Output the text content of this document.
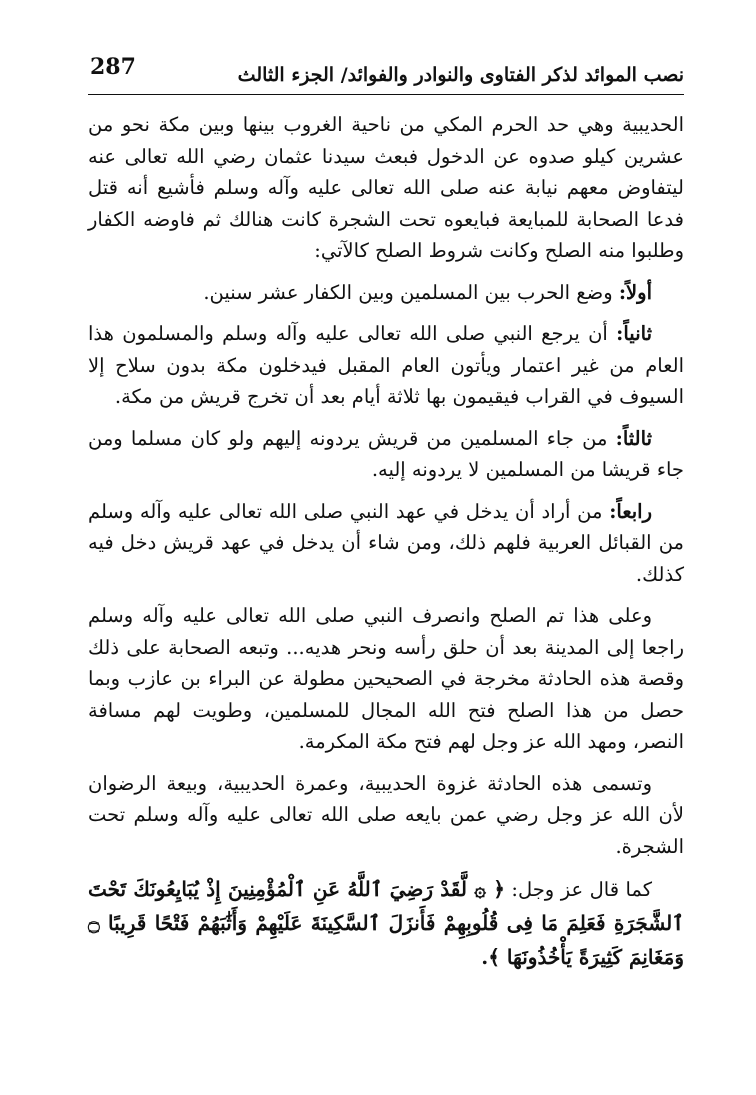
نصب الموائد لذكر الفتاوى والنوادر والفوائد/ الجزء الثالث
287

الحديبية وهي حد الحرم المكي من ناحية الغروب بينها وبين مكة نحو من عشرين كيلو صدوه عن الدخول فبعث سيدنا عثمان رضي الله تعالى عنه ليتفاوض معهم نيابة عنه صلى الله تعالى عليه وآله وسلم فأشيع أنه قتل فدعا الصحابة للمبايعة فبايعوه تحت الشجرة كانت هنالك ثم فاوضه الكفار وطلبوا منه الصلح وكانت شروط الصلح كالآتي:

أولاً: وضع الحرب بين المسلمين وبين الكفار عشر سنين.

ثانياً: أن يرجع النبي صلى الله تعالى عليه وآله وسلم والمسلمون هذا العام من غير اعتمار ويأتون العام المقبل فيدخلون مكة بدون سلاح إلا السيوف في القراب فيقيمون بها ثلاثة أيام بعد أن تخرج قريش من مكة.

ثالثاً: من جاء المسلمين من قريش يردونه إليهم ولو كان مسلما ومن جاء قريشا من المسلمين لا يردونه إليه.

رابعاً: من أراد أن يدخل في عهد النبي صلى الله تعالى عليه وآله وسلم من القبائل العربية فلهم ذلك، ومن شاء أن يدخل في عهد قريش دخل فيه كذلك.

وعلى هذا تم الصلح وانصرف النبي صلى الله تعالى عليه وآله وسلم راجعا إلى المدينة بعد أن حلق رأسه ونحر هديه... وتبعه الصحابة على ذلك وقصة هذه الحادثة مخرجة في الصحيحين مطولة عن البراء بن عازب وبما حصل من هذا الصلح فتح الله المجال للمسلمين، وطويت لهم مسافة النصر، ومهد الله عز وجل لهم فتح مكة المكرمة.

وتسمى هذه الحادثة غزوة الحديبية، وعمرة الحديبية، وبيعة الرضوان لأن الله عز وجل رضي عمن بايعه صلى الله تعالى عليه وآله وسلم تحت الشجرة.

كما قال عز وجل: ﴿ ۞ لَّقَدْ رَضِيَ ٱللَّهُ عَنِ ٱلْمُؤْمِنِينَ إِذْ يُبَايِعُونَكَ تَحْتَ ٱلشَّجَرَةِ فَعَلِمَ مَا فِى قُلُوبِهِمْ فَأَنزَلَ ٱلسَّكِينَةَ عَلَيْهِمْ وَأَثَٰبَهُمْ فَتْحًا قَرِيبًا ۝ وَمَغَانِمَ كَثِيرَةً يَأْخُذُونَهَا ﴾.
